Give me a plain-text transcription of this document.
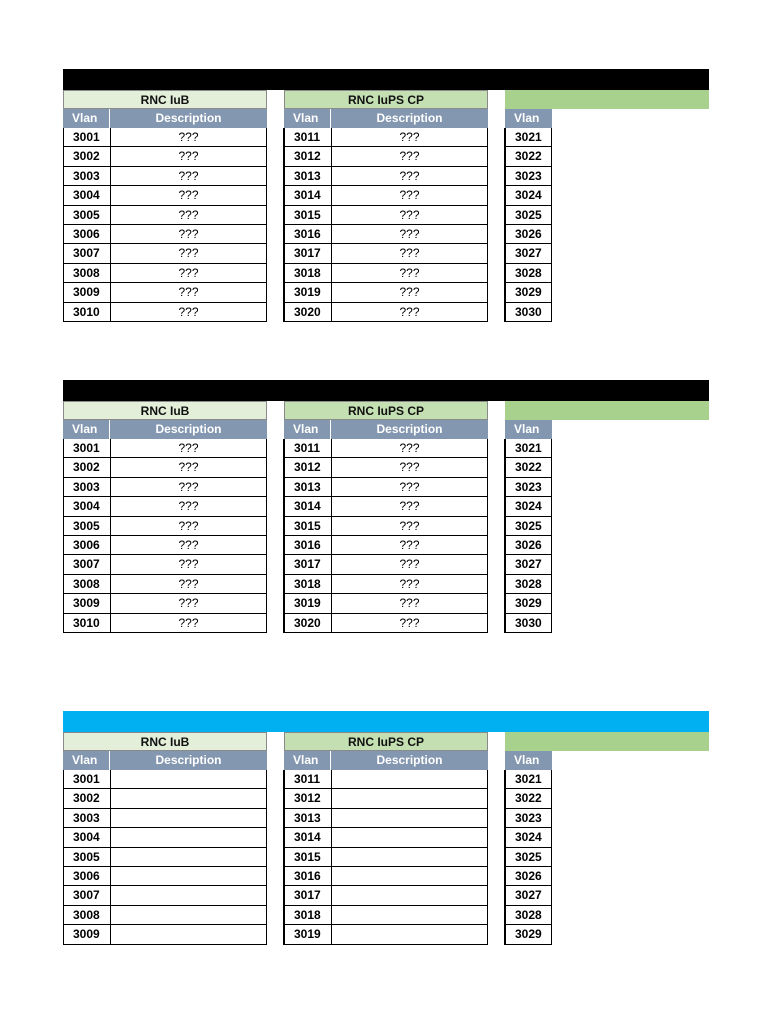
RNC IuB
Vlan	Description
3001	???
3002	???
3003	???
3004	???
3005	???
3006	???
3007	???
3008	???
3009	???
3010	???
RNC IuPS CP
Vlan	Description
3011	???
3012	???
3013	???
3014	???
3015	???
3016	???
3017	???
3018	???
3019	???
3020	???
Vlan
3021
3022
3023
3024
3025
3026
3027
3028
3029
3030
RNC IuB
Vlan	Description
3001	???
3002	???
3003	???
3004	???
3005	???
3006	???
3007	???
3008	???
3009	???
3010	???
RNC IuPS CP
Vlan	Description
3011	???
3012	???
3013	???
3014	???
3015	???
3016	???
3017	???
3018	???
3019	???
3020	???
Vlan
3021
3022
3023
3024
3025
3026
3027
3028
3029
3030
RNC IuB
Vlan	Description
3001
3002
3003
3004
3005
3006
3007
3008
3009
RNC IuPS CP
Vlan	Description
3011
3012
3013
3014
3015
3016
3017
3018
3019
Vlan
3021
3022
3023
3024
3025
3026
3027
3028
3029
